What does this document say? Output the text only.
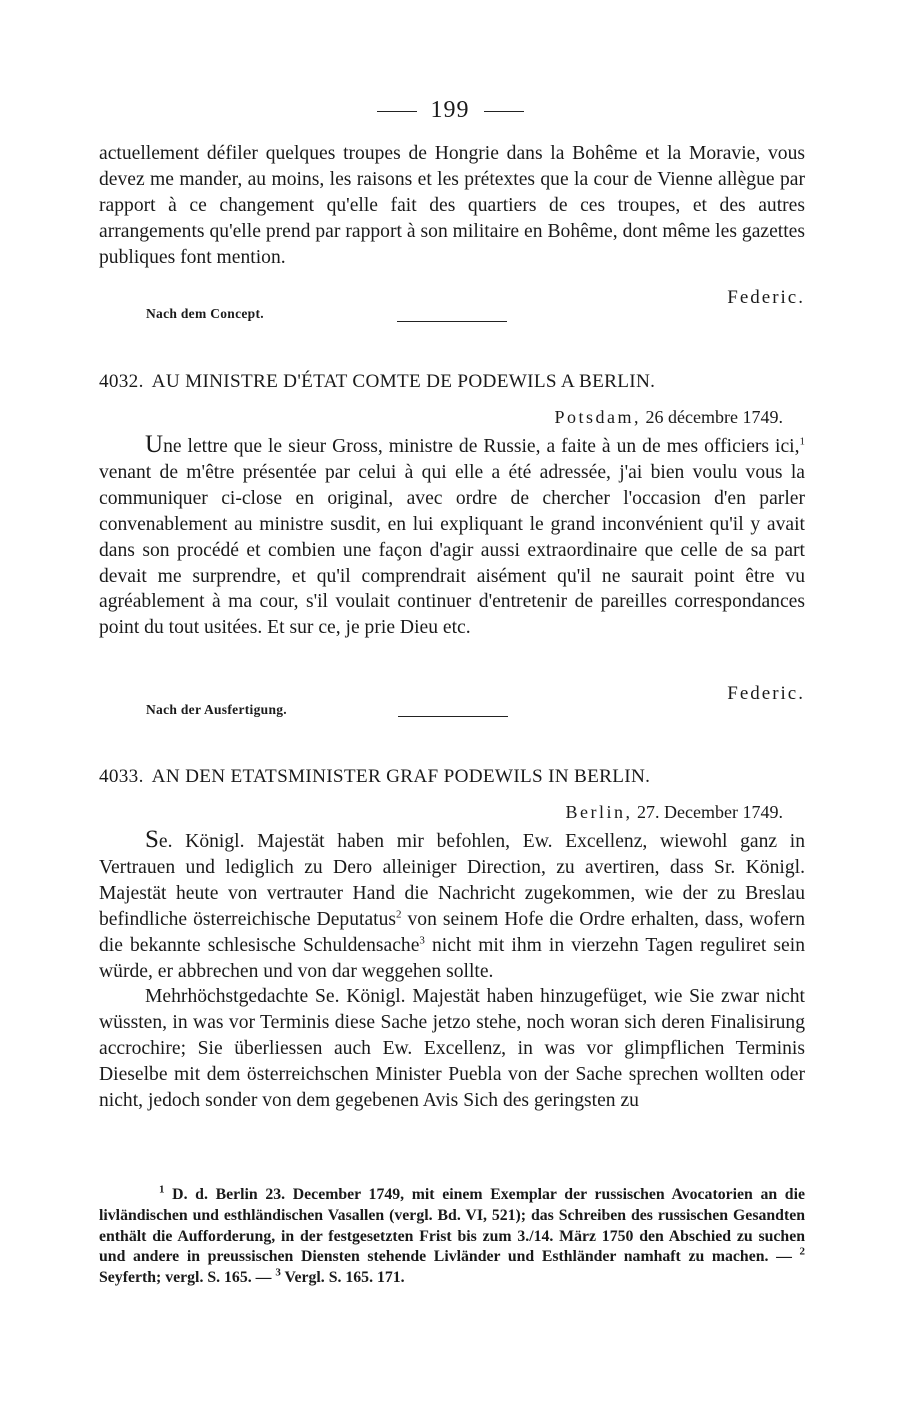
199

actuellement défiler quelques troupes de Hongrie dans la Bohême et la Moravie, vous devez me mander, au moins, les raisons et les prétextes que la cour de Vienne allègue par rapport à ce changement qu'elle fait des quartiers de ces troupes, et des autres arrangements qu'elle prend par rapport à son militaire en Bohême, dont même les gazettes publiques font mention.

Federic.
Nach dem Concept.
4032. AU MINISTRE D'ÉTAT COMTE DE PODEWILS A BERLIN.
Potsdam, 26 décembre 1749.

Une lettre que le sieur Gross, ministre de Russie, a faite à un de mes officiers ici,$^1$ venant de m'être présentée par celui à qui elle a été adressée, j'ai bien voulu vous la communiquer ci-close en original, avec ordre de chercher l'occasion d'en parler convenablement au ministre susdit, en lui expliquant le grand inconvénient qu'il y avait dans son procédé et combien une façon d'agir aussi extraordinaire que celle de sa part devait me surprendre, et qu'il comprendrait aisément qu'il ne saurait point être vu agréablement à ma cour, s'il voulait continuer d'entretenir de pareilles correspondances point du tout usitées. Et sur ce, je prie Dieu etc.

Federic.
Nach der Ausfertigung.
4033. AN DEN ETATSMINISTER GRAF PODEWILS IN BERLIN.
Berlin, 27. December 1749.

Se. Königl. Majestät haben mir befohlen, Ew. Excellenz, wiewohl ganz in Vertrauen und lediglich zu Dero alleiniger Direction, zu avertiren, dass Sr. Königl. Majestät heute von vertrauter Hand die Nachricht zugekommen, wie der zu Breslau befindliche österreichische Deputatus$^2$ von seinem Hofe die Ordre erhalten, dass, wofern die bekannte schlesische Schuldensache$^3$ nicht mit ihm in vierzehn Tagen reguliret sein würde, er abbrechen und von dar weggehen sollte.

Mehrhöchstgedachte Se. Königl. Majestät haben hinzugefüget, wie Sie zwar nicht wüssten, in was vor Terminis diese Sache jetzo stehe, noch woran sich deren Finalisirung accrochire; Sie überliessen auch Ew. Excellenz, in was vor glimpflichen Terminis Dieselbe mit dem österreichschen Minister Puebla von der Sache sprechen wollten oder nicht, jedoch sonder von dem gegebenen Avis Sich des geringsten zu

$^1$ D. d. Berlin 23. December 1749, mit einem Exemplar der russischen Avocatorien an die livländischen und esthländischen Vasallen (vergl. Bd. VI, 521); das Schreiben des russischen Gesandten enthält die Aufforderung, in der festgesetzten Frist bis zum 3./14. März 1750 den Abschied zu suchen und andere in preussischen Diensten stehende Livländer und Esthländer namhaft zu machen. — $^2$ Seyferth; vergl. S. 165. — $^3$ Vergl. S. 165. 171.
